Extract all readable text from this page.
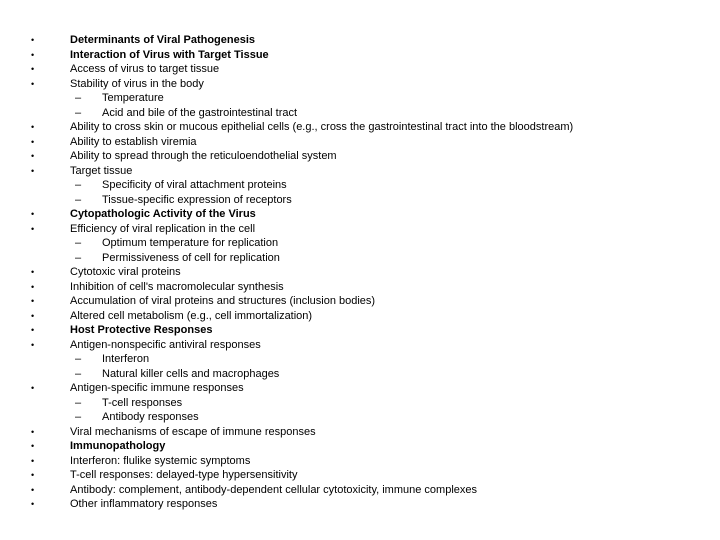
•	Determinants of Viral Pathogenesis
•	Interaction of Virus with Target Tissue
•	Access of virus to target tissue
•	Stability of virus in the body
– Temperature
– Acid and bile of the gastrointestinal tract
•	Ability to cross skin or mucous epithelial cells (e.g., cross the gastrointestinal tract into the bloodstream)
•	Ability to establish viremia
•	Ability to spread through the reticuloendothelial system
•	Target tissue
– Specificity of viral attachment proteins
– Tissue-specific expression of receptors
•	Cytopathologic Activity of the Virus
•	Efficiency of viral replication in the cell
– Optimum temperature for replication
– Permissiveness of cell for replication
•	Cytotoxic viral proteins
•	Inhibition of cell's macromolecular synthesis
•	Accumulation of viral proteins and structures (inclusion bodies)
•	Altered cell metabolism (e.g., cell immortalization)
•	Host Protective Responses
•	Antigen-nonspecific antiviral responses
– Interferon
– Natural killer cells and macrophages
•	Antigen-specific immune responses
– T-cell responses
– Antibody responses
•	Viral mechanisms of escape of immune responses
•	Immunopathology
•	Interferon: flulike systemic symptoms
•	T-cell responses: delayed-type hypersensitivity
•	Antibody: complement, antibody-dependent cellular cytotoxicity, immune complexes
•	Other inflammatory responses
